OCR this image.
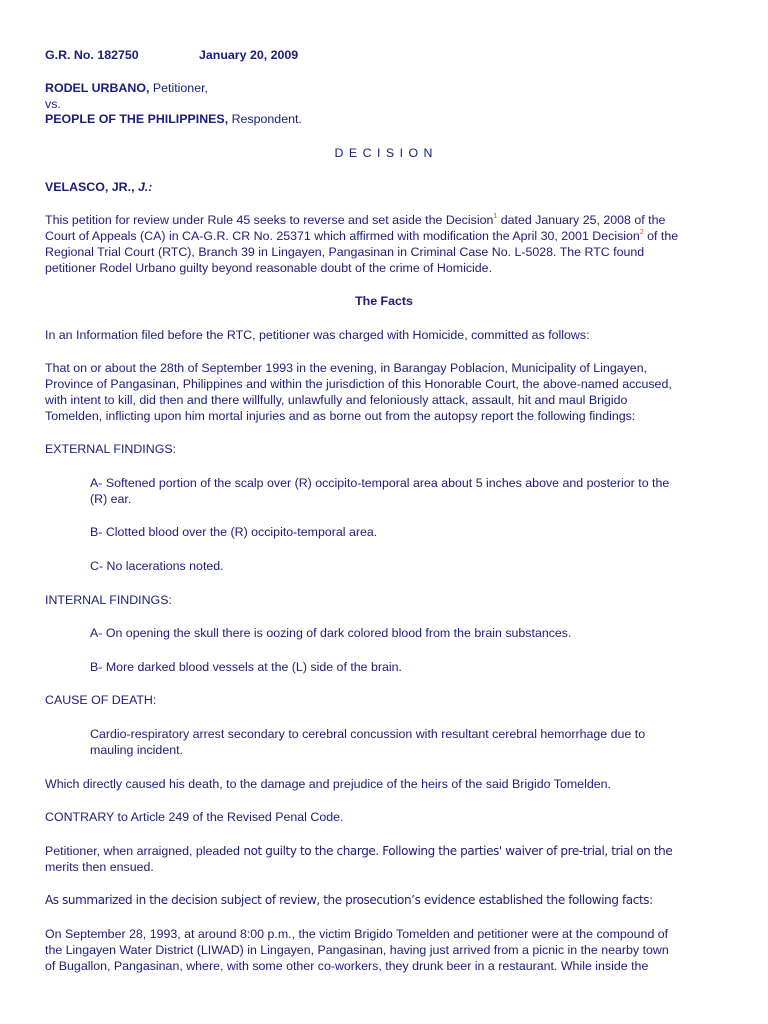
G.R. No. 182750	January 20, 2009
RODEL URBANO, Petitioner,
vs.
PEOPLE OF THE PHILIPPINES, Respondent.
D E C I S I O N
VELASCO, JR., J.:
This petition for review under Rule 45 seeks to reverse and set aside the Decision$^1$ dated January 25, 2008 of the
Court of Appeals (CA) in CA-G.R. CR No. 25371 which affirmed with modification the April 30, 2001 Decision$^2$ of the
Regional Trial Court (RTC), Branch 39 in Lingayen, Pangasinan in Criminal Case No. L-5028. The RTC found
petitioner Rodel Urbano guilty beyond reasonable doubt of the crime of Homicide.
The Facts
In an Information filed before the RTC, petitioner was charged with Homicide, committed as follows:
That on or about the 28th of September 1993 in the evening, in Barangay Poblacion, Municipality of Lingayen,
Province of Pangasinan, Philippines and within the jurisdiction of this Honorable Court, the above-named accused,
with intent to kill, did then and there willfully, unlawfully and feloniously attack, assault, hit and maul Brigido
Tomelden, inflicting upon him mortal injuries and as borne out from the autopsy report the following findings:
EXTERNAL FINDINGS:
A- Softened portion of the scalp over (R) occipito-temporal area about 5 inches above and posterior to the
(R) ear.
B- Clotted blood over the (R) occipito-temporal area.
C- No lacerations noted.
INTERNAL FINDINGS:
A- On opening the skull there is oozing of dark colored blood from the brain substances.
B- More darked blood vessels at the (L) side of the brain.
CAUSE OF DEATH:
Cardio-respiratory arrest secondary to cerebral concussion with resultant cerebral hemorrhage due to
mauling incident.
Which directly caused his death, to the damage and prejudice of the heirs of the said Brigido Tomelden.
CONTRARY to Article 249 of the Revised Penal Code.
Petitioner, when arraigned, pleaded not guilty to the charge. Following the parties' waiver of pre-trial, trial on the
merits then ensued.
As summarized in the decision subject of review, the prosecution’s evidence established the following facts:
On September 28, 1993, at around 8:00 p.m., the victim Brigido Tomelden and petitioner were at the compound of
the Lingayen Water District (LIWAD) in Lingayen, Pangasinan, having just arrived from a picnic in the nearby town
of Bugallon, Pangasinan, where, with some other co-workers, they drunk beer in a restaurant. While inside the
